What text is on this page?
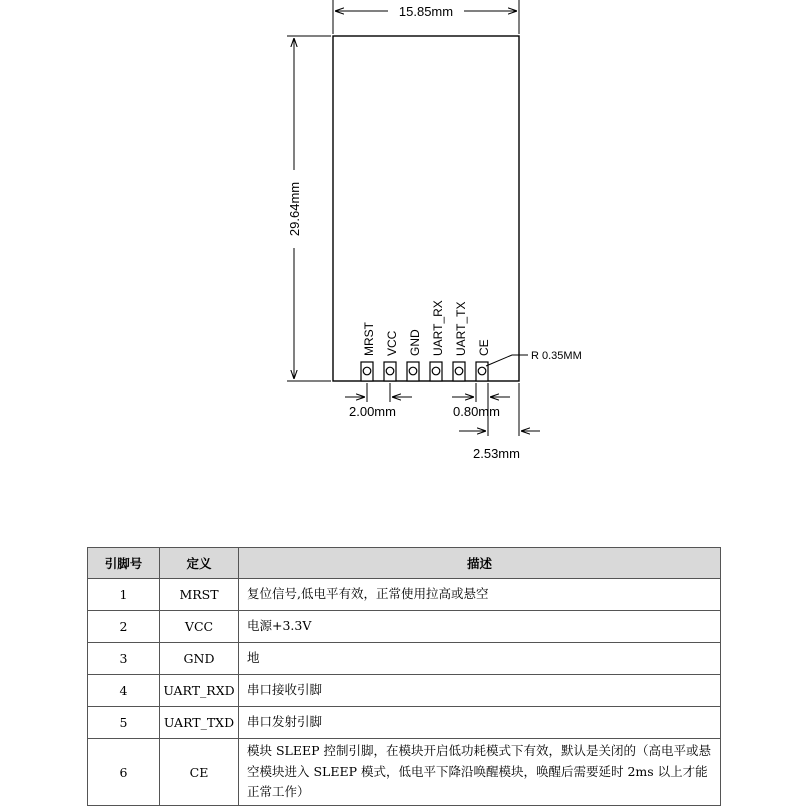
15.85mm
29.64mm
MRST VCC GND UART_RX UART_TX CE	R 0.35MM
2.00mm	0.80mm
2.53mm
引脚号	定义	描述
1	MRST	复位信号,低电平有效，正常使用拉高或悬空
2	VCC	电源+3.3V
3	GND	地
4	UART_RXD	串口接收引脚
5	UART_TXD	串口发射引脚
6	CE	模块 SLEEP 控制引脚，在模块开启低功耗模式下有效，默认是关闭的（高电平或悬空模块进入 SLEEP 模式，低电平下降沿唤醒模块，唤醒后需要延时 2ms 以上才能正常工作）
